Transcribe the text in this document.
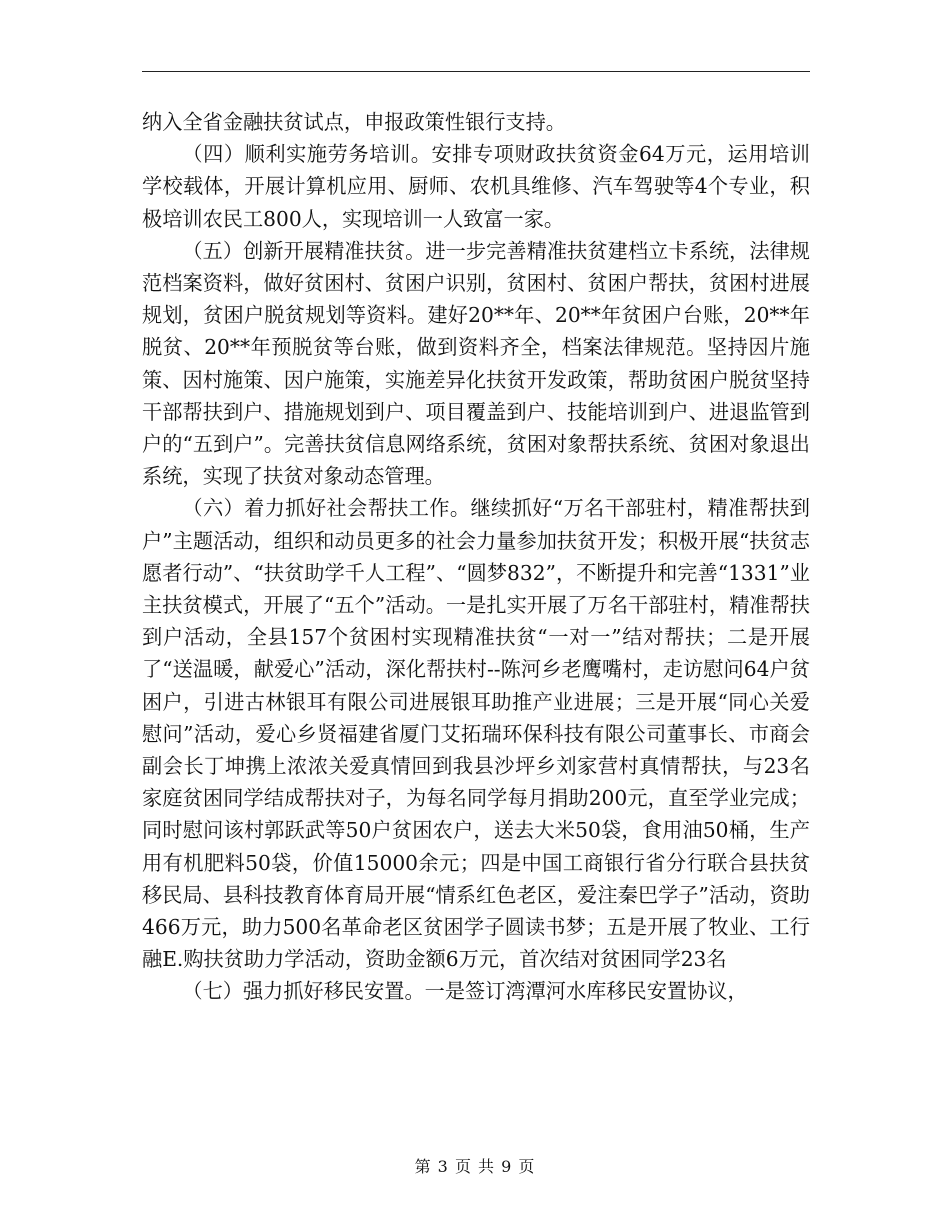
纳入全省金融扶贫试点，申报政策性银行支持。

（四）顺利实施劳务培训。安排专项财政扶贫资金64万元，运用培训学校载体，开展计算机应用、厨师、农机具维修、汽车驾驶等4个专业，积极培训农民工800人，实现培训一人致富一家。

（五）创新开展精准扶贫。进一步完善精准扶贫建档立卡系统，法律规范档案资料，做好贫困村、贫困户识别，贫困村、贫困户帮扶，贫困村进展规划，贫困户脱贫规划等资料。建好20**年、20**年贫困户台账，20**年脱贫、20**年预脱贫等台账，做到资料齐全，档案法律规范。坚持因片施策、因村施策、因户施策，实施差异化扶贫开发政策，帮助贫困户脱贫坚持干部帮扶到户、措施规划到户、项目覆盖到户、技能培训到户、进退监管到户的“五到户”。完善扶贫信息网络系统，贫困对象帮扶系统、贫困对象退出系统，实现了扶贫对象动态管理。

（六）着力抓好社会帮扶工作。继续抓好“万名干部驻村，精准帮扶到户”主题活动，组织和动员更多的社会力量参加扶贫开发；积极开展“扶贫志愿者行动”、“扶贫助学千人工程”、“圆梦832”，不断提升和完善“1331”业主扶贫模式，开展了“五个”活动。一是扎实开展了万名干部驻村，精准帮扶到户活动，全县157个贫困村实现精准扶贫“一对一”结对帮扶；二是开展了“送温暖，献爱心”活动，深化帮扶村--陈河乡老鹰嘴村，走访慰问64户贫困户，引进古林银耳有限公司进展银耳助推产业进展；三是开展“同心关爱慰问”活动，爱心乡贤福建省厦门艾拓瑞环保科技有限公司董事长、市商会副会长丁坤携上浓浓关爱真情回到我县沙坪乡刘家营村真情帮扶，与23名家庭贫困同学结成帮扶对子，为每名同学每月捐助200元，直至学业完成；同时慰问该村郭跃武等50户贫困农户，送去大米50袋，食用油50桶，生产用有机肥料50袋，价值15000余元；四是中国工商银行省分行联合县扶贫移民局、县科技教育体育局开展“情系红色老区，爱注秦巴学子”活动，资助466万元，助力500名革命老区贫困学子圆读书梦；五是开展了牧业、工行融E.购扶贫助力学活动，资助金额6万元，首次结对贫困同学23名

（七）强力抓好移民安置。一是签订湾潭河水库移民安置协议，

第 3 页 共 9 页
